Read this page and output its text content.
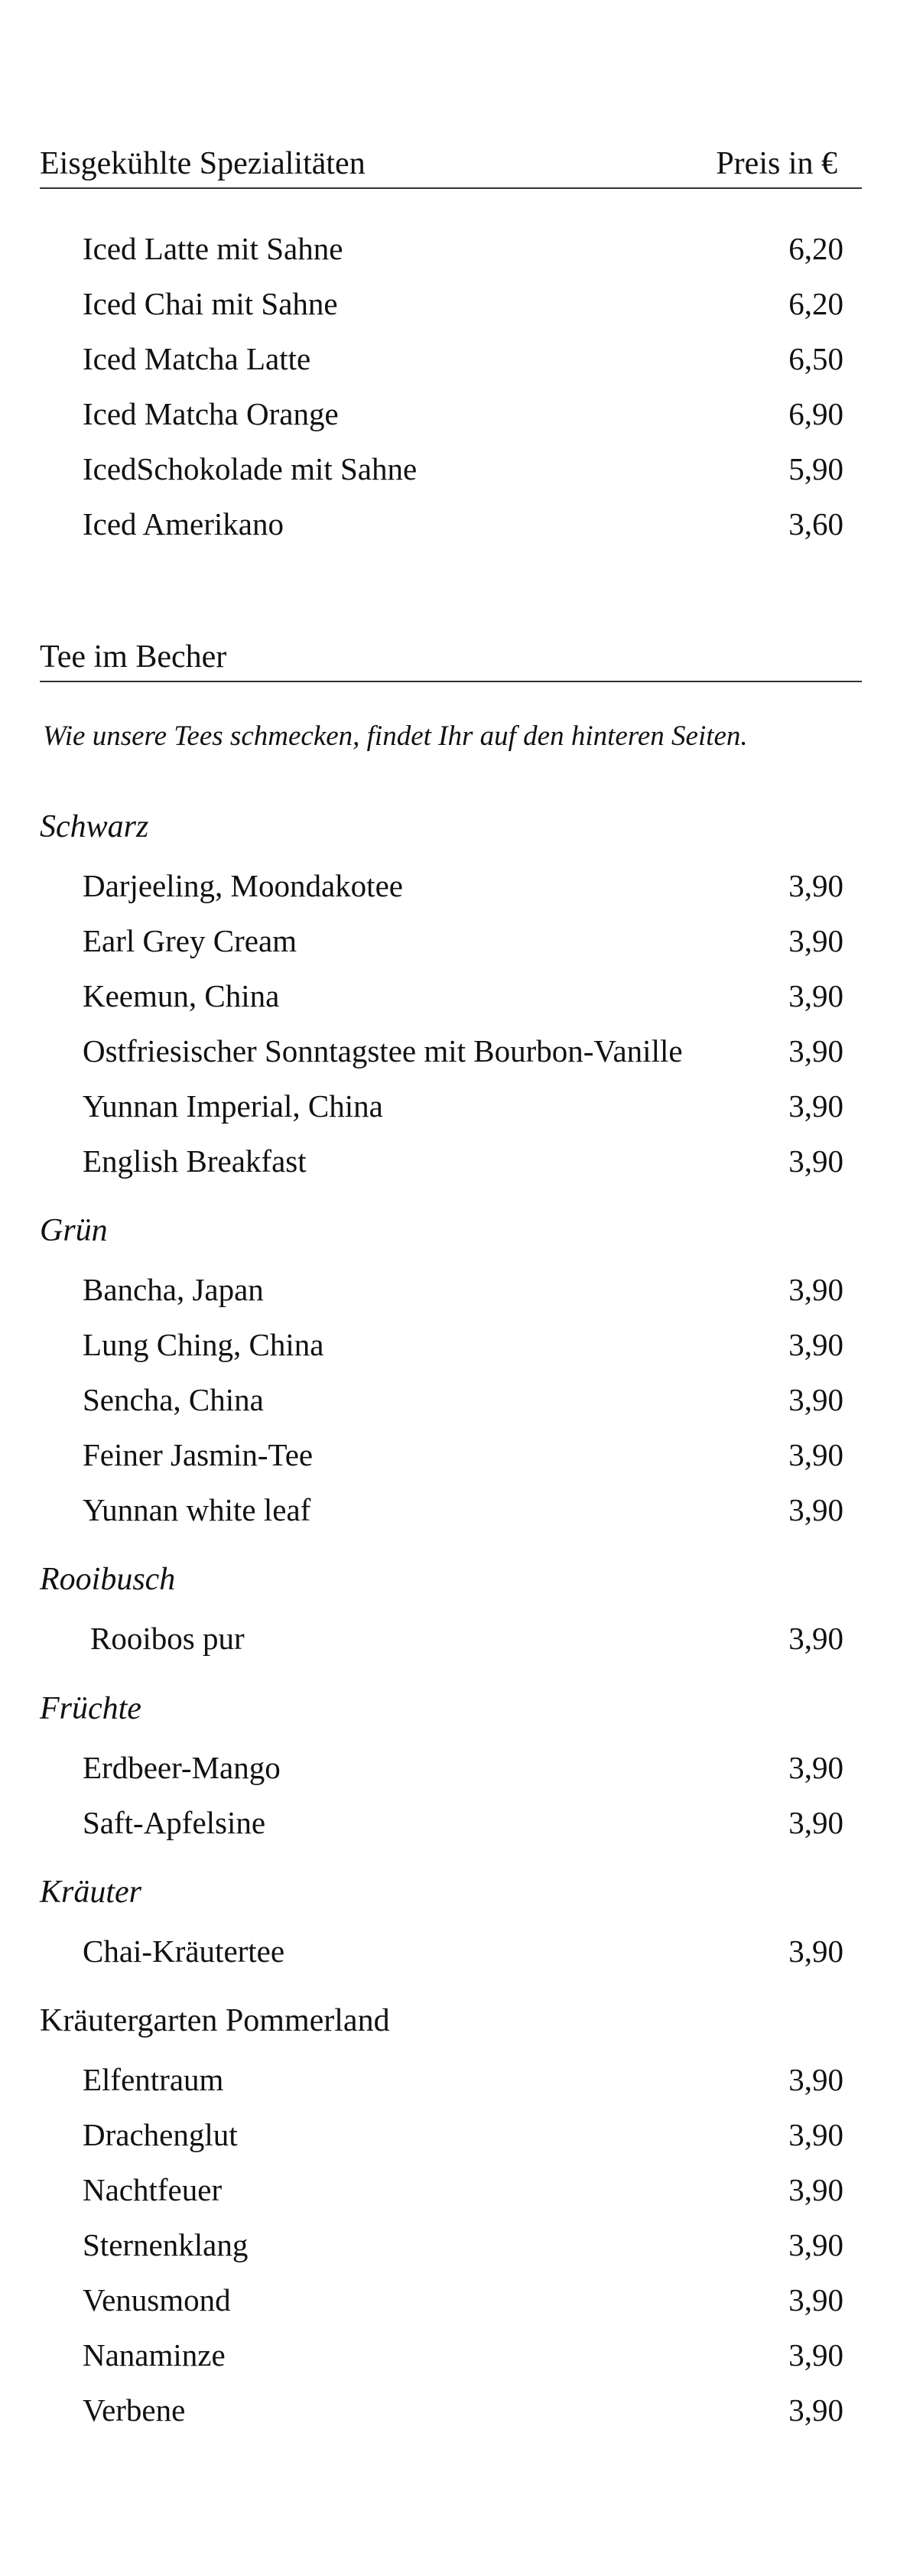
Eisgekühlte Spezialitäten	Preis in €
Iced Latte mit Sahne	6,20
Iced Chai mit Sahne	6,20
Iced Matcha Latte	6,50
Iced Matcha Orange	6,90
IcedSchokolade mit Sahne	5,90
Iced Amerikano	3,60
Tee im Becher
Wie unsere Tees schmecken, findet Ihr auf den hinteren Seiten.
Schwarz
Darjeeling, Moondakotee	3,90
Earl Grey Cream	3,90
Keemun, China	3,90
Ostfriesischer Sonntagstee mit Bourbon-Vanille	3,90
Yunnan Imperial, China	3,90
English Breakfast	3,90
Grün
Bancha, Japan	3,90
Lung Ching, China	3,90
Sencha, China	3,90
Feiner Jasmin-Tee	3,90
Yunnan white leaf	3,90
Rooibusch
Rooibos pur	3,90
Früchte
Erdbeer-Mango	3,90
Saft-Apfelsine	3,90
Kräuter
Chai-Kräutertee	3,90
Kräutergarten Pommerland
Elfentraum	3,90
Drachenglut	3,90
Nachtfeuer	3,90
Sternenklang	3,90
Venusmond	3,90
Nanaminze	3,90
Verbene	3,90
